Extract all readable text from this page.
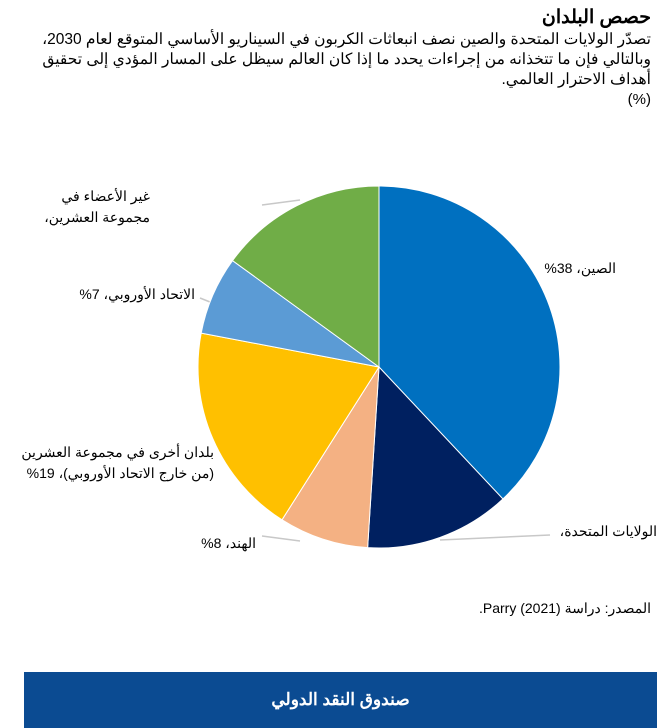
حصص البلدان
تصدّر الولايات المتحدة والصين نصف انبعاثات الكربون في السيناريو الأساسي المتوقع لعام 2030، وبالتالي فإن ما تتخذانه من إجراءات يحدد ما إذا كان العالم سيظل على المسار المؤدي إلى تحقيق أهداف الاحترار العالمي.
(%)
الصين، 38%
الولايات المتحدة،
الهند، 8%
بلدان أخرى في مجموعة العشرين
(من خارج الاتحاد الأوروبي)، 19%
الاتحاد الأوروبي، 7%
غير الأعضاء في
مجموعة العشرين،
المصدر: دراسة (2021) Parry.
صندوق النقد الدولي
